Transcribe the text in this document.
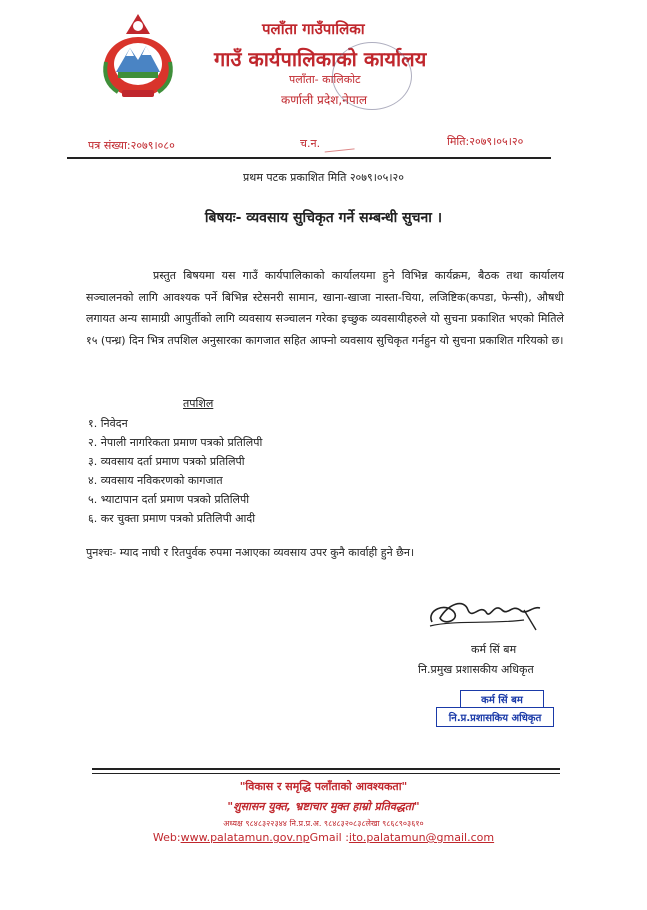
पलाँता गाउँपालिका
गाउँ कार्यपालिकाको कार्यालय
पलाँता- कालिकोट
कर्णाली प्रदेश,नेपाल
पत्र संख्या:२०७९।०८०	च.न.	मिति:२०७९।०५।२०
प्रथम पटक प्रकाशित मिति २०७९।०५।२०
बिषयः- व्यवसाय सुचिकृत गर्ने सम्बन्धी सुचना ।

प्रस्तुत बिषयमा यस गाउँ कार्यपालिकाको कार्यालयमा हुने विभिन्न कार्यक्रम, बैठक तथा कार्यालय सञ्चालनको लागि आवश्यक पर्ने बिभिन्न स्टेसनरी सामान, खाना-खाजा नास्ता-चिया, लजिष्टिक(कपडा, फेन्सी), औषधी लगायत अन्य सामाग्री आपुर्तीको लागि व्यवसाय सञ्चालन गरेका इच्छुक व्यवसायीहरुले यो सुचना प्रकाशित भएको मितिले १५ (पन्ध्र) दिन भित्र तपशिल अनुसारका कागजात सहित आफ्नो व्यवसाय सुचिकृत गर्नहुन यो सुचना प्रकाशित गरियको छ।

तपशिल
१. निवेदन
२. नेपाली नागरिकता प्रमाण पत्रको प्रतिलिपी
३. व्यवसाय दर्ता प्रमाण पत्रको प्रतिलिपी
४. व्यवसाय नविकरणको कागजात
५. भ्याटापान दर्ता प्रमाण पत्रको प्रतिलिपी
६. कर चुक्ता प्रमाण पत्रको प्रतिलिपी आदी
पुनश्चः- म्याद नाघी र रितपुर्वक रुपमा नआएका व्यवसाय उपर कुनै कार्वाही हुने छैन।
कर्म सिं बम
नि.प्रमुख प्रशासकीय अधिकृत
कर्म सिं बम
नि.प्र.प्रशासकिय अधिकृत
"विकास र समृद्धि पलाँताको आवश्यकता"
"शुसासन युक्त, भ्रष्टाचार मुक्त हाम्रो प्रतिवद्धता"
अध्यक्ष ९८४८३२२३४४ नि.प्र.प्र.अ. ९८४८३२०८३८लेखा ९८६८९०३६१०
Web:www.palatamun.gov.npGmail :ito.palatamun@gmail.com
